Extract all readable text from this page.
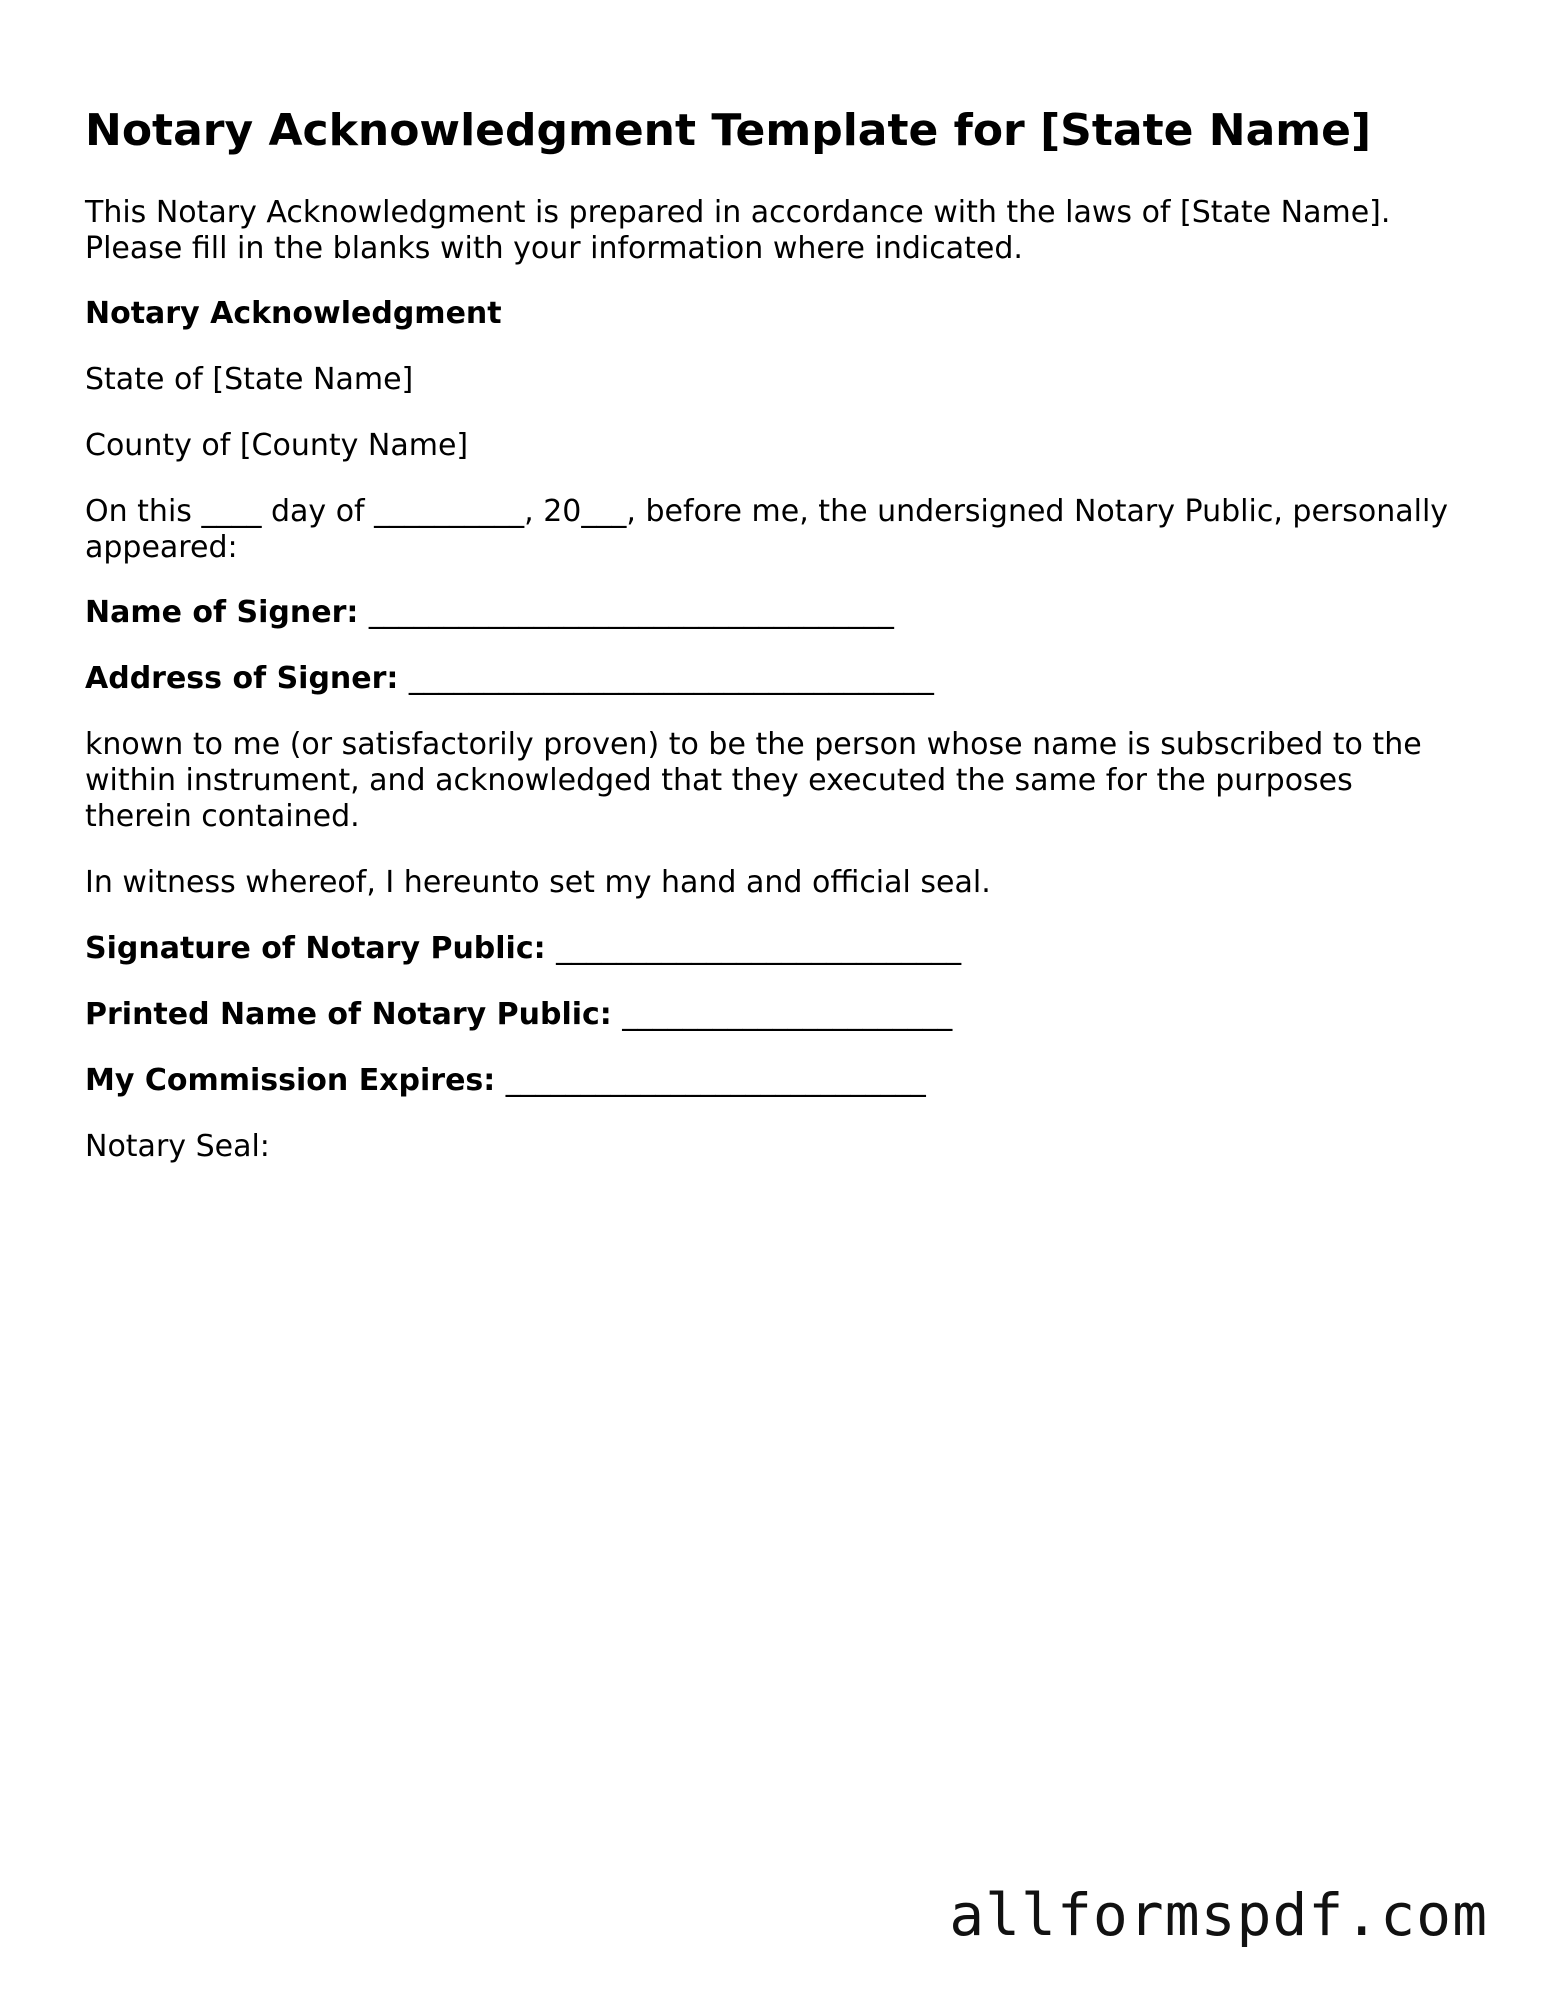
Notary Acknowledgment Template for [State Name]
This Notary Acknowledgment is prepared in accordance with the laws of [State Name].
Please fill in the blanks with your information where indicated.
Notary Acknowledgment
State of [State Name]
County of [County Name]
On this ____ day of __________, 20___, before me, the undersigned Notary Public, personally
appeared:
Name of Signer: ___________________________________
Address of Signer: ___________________________________
known to me (or satisfactorily proven) to be the person whose name is subscribed to the
within instrument, and acknowledged that they executed the same for the purposes
therein contained.
In witness whereof, I hereunto set my hand and official seal.
Signature of Notary Public: ___________________________
Printed Name of Notary Public: ______________________
My Commission Expires: ____________________________
Notary Seal:
allformspdf.com
